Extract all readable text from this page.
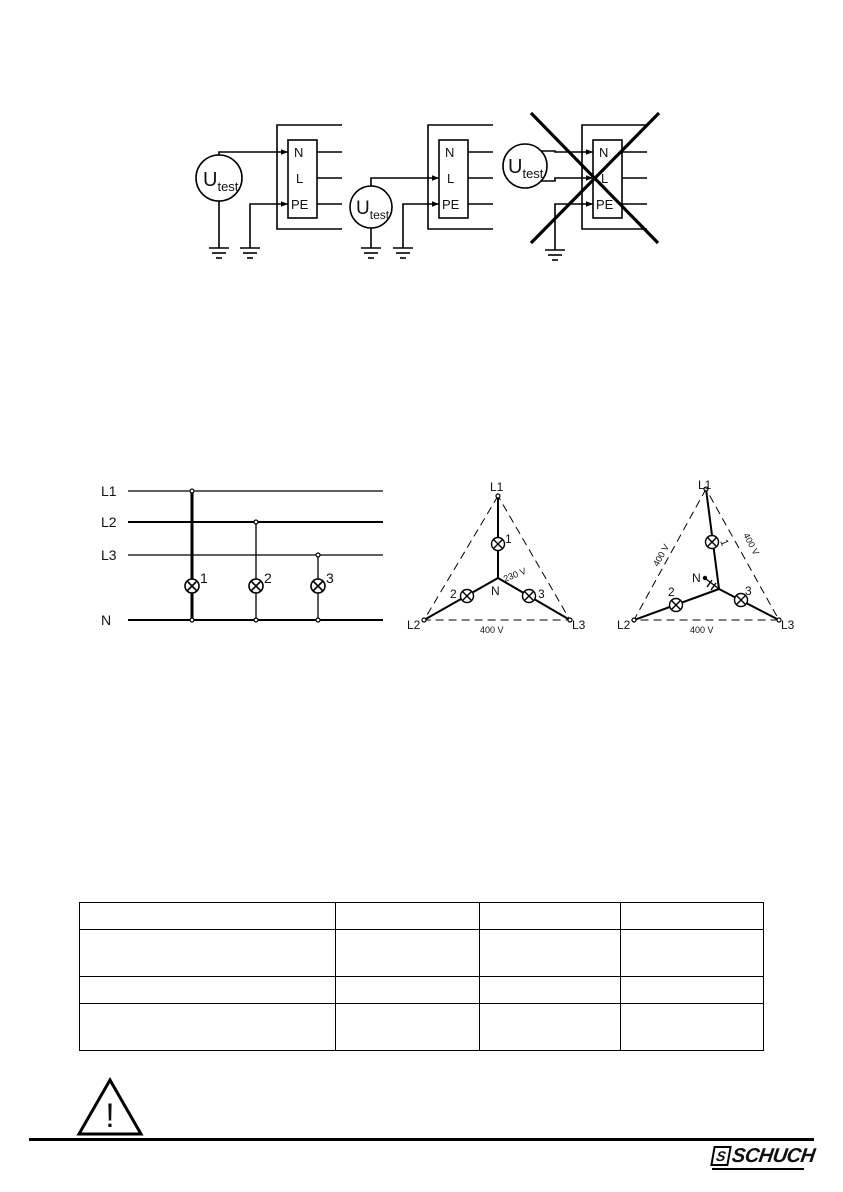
N
L
PE
N
L
PE
N
L
PE
Utest
Utest
Utest
L1
L2
L3
N
1	2	3
L1
L2	L3
N
1
2	3
230 V
400 V
L1
L2	L3
N
1
2	3
400 V	400 V
400 V

!
S SCHUCH
